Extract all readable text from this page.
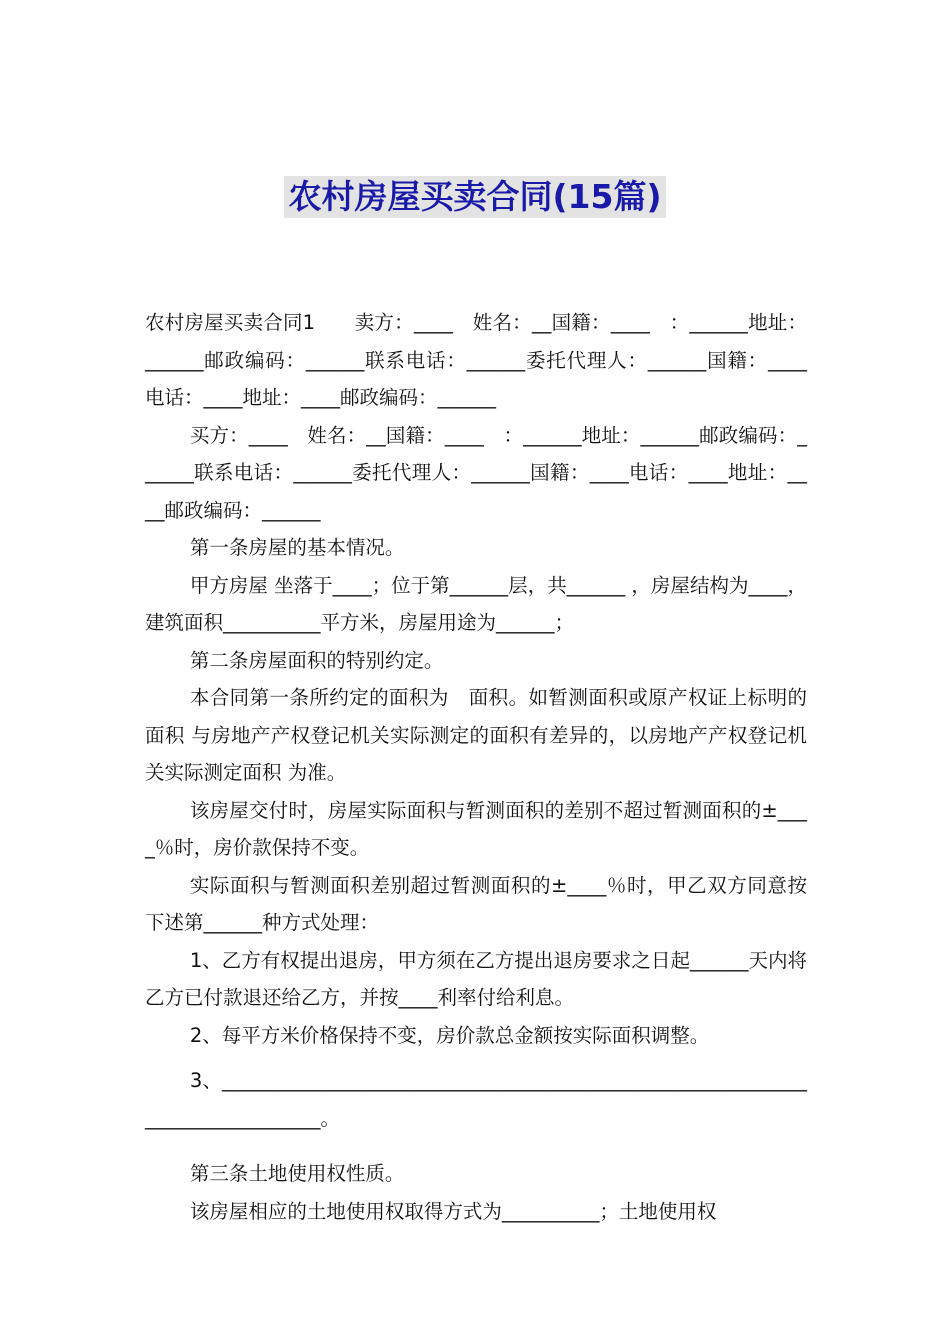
农村房屋买卖合同(15篇)

农村房屋买卖合同1　　卖方：____　姓名：__国籍：____　：______地址：______邮政编码：______联系电话：______委托代理人：______国籍：____电话：____地址：____邮政编码：______

买方：____　姓名：__国籍：____　：______地址：______邮政编码：______联系电话：______委托代理人：______国籍：____电话：____地址：____邮政编码：______

第一条房屋的基本情况。

甲方房屋 坐落于____；位于第______层，共______ ，房屋结构为____，建筑面积__________平方米，房屋用途为______；

第二条房屋面积的特别约定。

本合同第一条所约定的面积为　面积。如暂测面积或原产权证上标明的面积 与房地产产权登记机关实际测定的面积有差异的，以房地产产权登记机关实际测定面积 为准。

该房屋交付时，房屋实际面积与暂测面积的差别不超过暂测面积的±____％时，房价款保持不变。

实际面积与暂测面积差别超过暂测面积的±____％时，甲乙双方同意按下述第______种方式处理：

1、乙方有权提出退房，甲方须在乙方提出退房要求之日起______天内将乙方已付款退还给乙方，并按____利率付给利息。

2、每平方米价格保持不变，房价款总金额按实际面积调整。

3、______________________________________________________________________________。

第三条土地使用权性质。

该房屋相应的土地使用权取得方式为__________；土地使用权
